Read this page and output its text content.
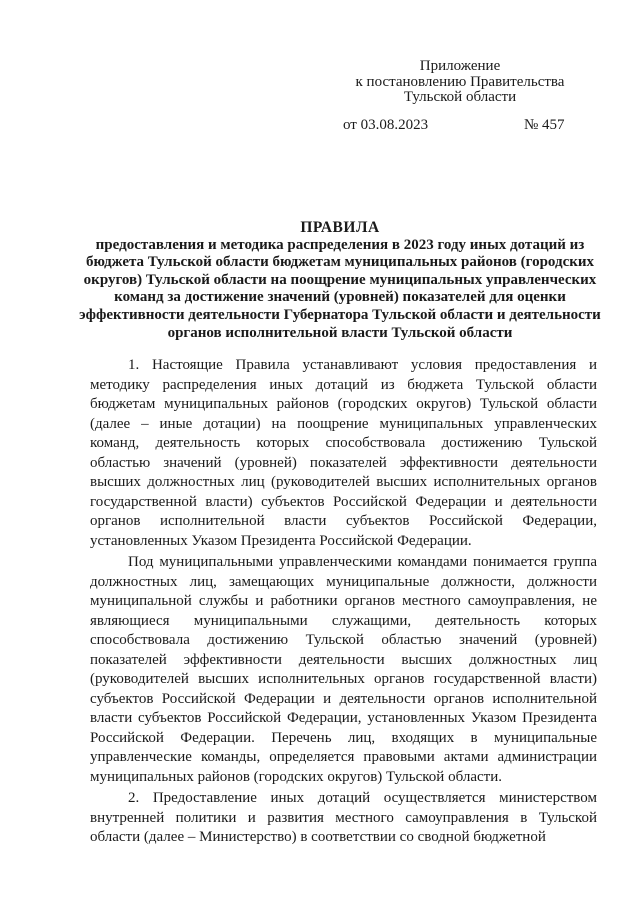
Приложение
к постановлению Правительства
Тульской области
от 03.08.2023	№ 457
ПРАВИЛА
предоставления и методика распределения в 2023 году иных дотаций из бюджета Тульской области бюджетам муниципальных районов (городских округов) Тульской области на поощрение муниципальных управленческих команд за достижение значений (уровней) показателей для оценки эффективности деятельности Губернатора Тульской области и деятельности органов исполнительной власти Тульской области

1. Настоящие Правила устанавливают условия предоставления и методику распределения иных дотаций из бюджета Тульской области бюджетам муниципальных районов (городских округов) Тульской области (далее – иные дотации) на поощрение муниципальных управленческих команд, деятельность которых способствовала достижению Тульской областью значений (уровней) показателей эффективности деятельности высших должностных лиц (руководителей высших исполнительных органов государственной власти) субъектов Российской Федерации и деятельности органов исполнительной власти субъектов Российской Федерации, установленных Указом Президента Российской Федерации.

Под муниципальными управленческими командами понимается группа должностных лиц, замещающих муниципальные должности, должности муниципальной службы и работники органов местного самоуправления, не являющиеся муниципальными служащими, деятельность которых способствовала достижению Тульской областью значений (уровней) показателей эффективности деятельности высших должностных лиц (руководителей высших исполнительных органов государственной власти) субъектов Российской Федерации и деятельности органов исполнительной власти субъектов Российской Федерации, установленных Указом Президента Российской Федерации. Перечень лиц, входящих в муниципальные управленческие команды, определяется правовыми актами администрации муниципальных районов (городских округов) Тульской области.

2. Предоставление иных дотаций осуществляется министерством внутренней политики и развития местного самоуправления в Тульской области (далее – Министерство) в соответствии со сводной бюджетной
